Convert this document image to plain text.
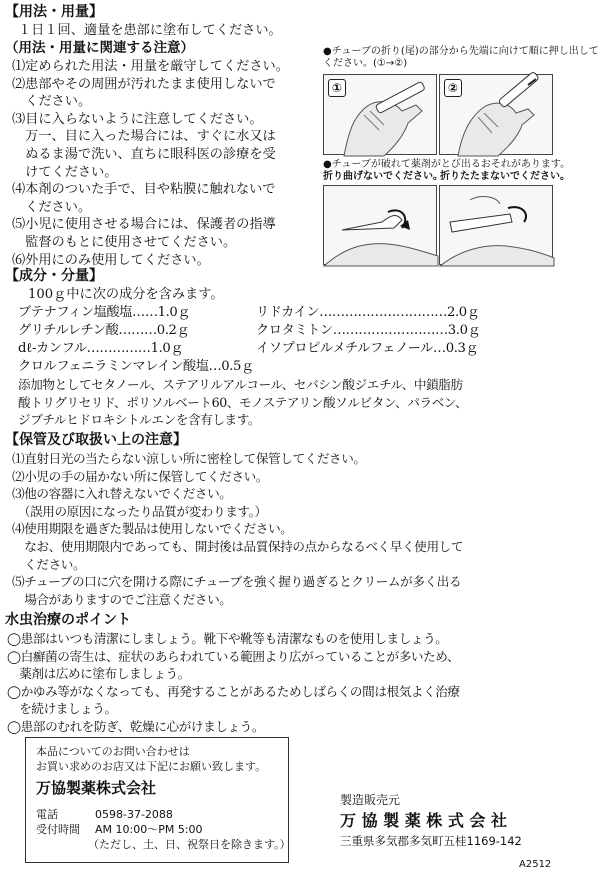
【用法・用量】
１日１回、適量を患部に塗布してください。
（用法・用量に関連する注意）
⑴定められた用法・用量を厳守してください。
⑵患部やその周囲が汚れたまま使用しないで
　ください。
⑶目に入らないように注意してください。
　万一、目に入った場合には、すぐに水又は
　ぬるま湯で洗い、直ちに眼科医の診療を受
　けてください。
⑷本剤のついた手で、目や粘膜に触れないで
　ください。
⑸小児に使用させる場合には、保護者の指導
　監督のもとに使用させてください。
⑹外用にのみ使用してください。
●チューブの折り(尾)の部分から先端に向けて順に押し出して
ください。(①→②)
①	②
●チューブが破れて薬剤がとび出るおそれがあります。
折り曲げないでください。
折りたたまないでください。
【成分・分量】
100ｇ中に次の成分を含みます。
ブテナフィン塩酸塩……1.0ｇ	リドカイン…………………………2.0ｇ
グリチルレチン酸………0.2ｇ	クロタミトン………………………3.0ｇ
dℓ-カンフル……………1.0ｇ	イソプロピルメチルフェノール…0.3ｇ
クロルフェニラミンマレイン酸塩…0.5ｇ
添加物としてセタノール、ステアリルアルコール、セバシン酸ジエチル、中鎖脂肪
酸トリグリセリド、ポリソルベート60、モノステアリン酸ソルビタン、パラベン、
ジブチルヒドロキシトルエンを含有します。
【保管及び取扱い上の注意】
⑴直射日光の当たらない涼しい所に密栓して保管してください。
⑵小児の手の届かない所に保管してください。
⑶他の容器に入れ替えないでください。
　（誤用の原因になったり品質が変わります。）
⑷使用期限を過ぎた製品は使用しないでください。
　なお、使用期限内であっても、開封後は品質保持の点からなるべく早く使用して
　ください。
⑸チューブの口に穴を開ける際にチューブを強く握り過ぎるとクリームが多く出る
　場合がありますのでご注意ください。
水虫治療のポイント
◯患部はいつも清潔にしましょう。靴下や靴等も清潔なものを使用しましょう。
◯白癬菌の寄生は、症状のあらわれている範囲より広がっていることが多いため、
　薬剤は広めに塗布しましょう。
◯かゆみ等がなくなっても、再発することがあるためしばらくの間は根気よく治療
　を続けましょう。
◯患部のむれを防ぎ、乾燥に心がけましょう。
本品についてのお問い合わせは
お買い求めのお店又は下記にお願い致します。
万協製薬株式会社
電話	0598-37-2088
受付時間 AM 10:00〜PM 5:00
（ただし、土、日、祝祭日を除きます。）
製造販売元
万 協 製 薬 株 式 会 社
三重県多気郡多気町五桂1169-142
A2512
